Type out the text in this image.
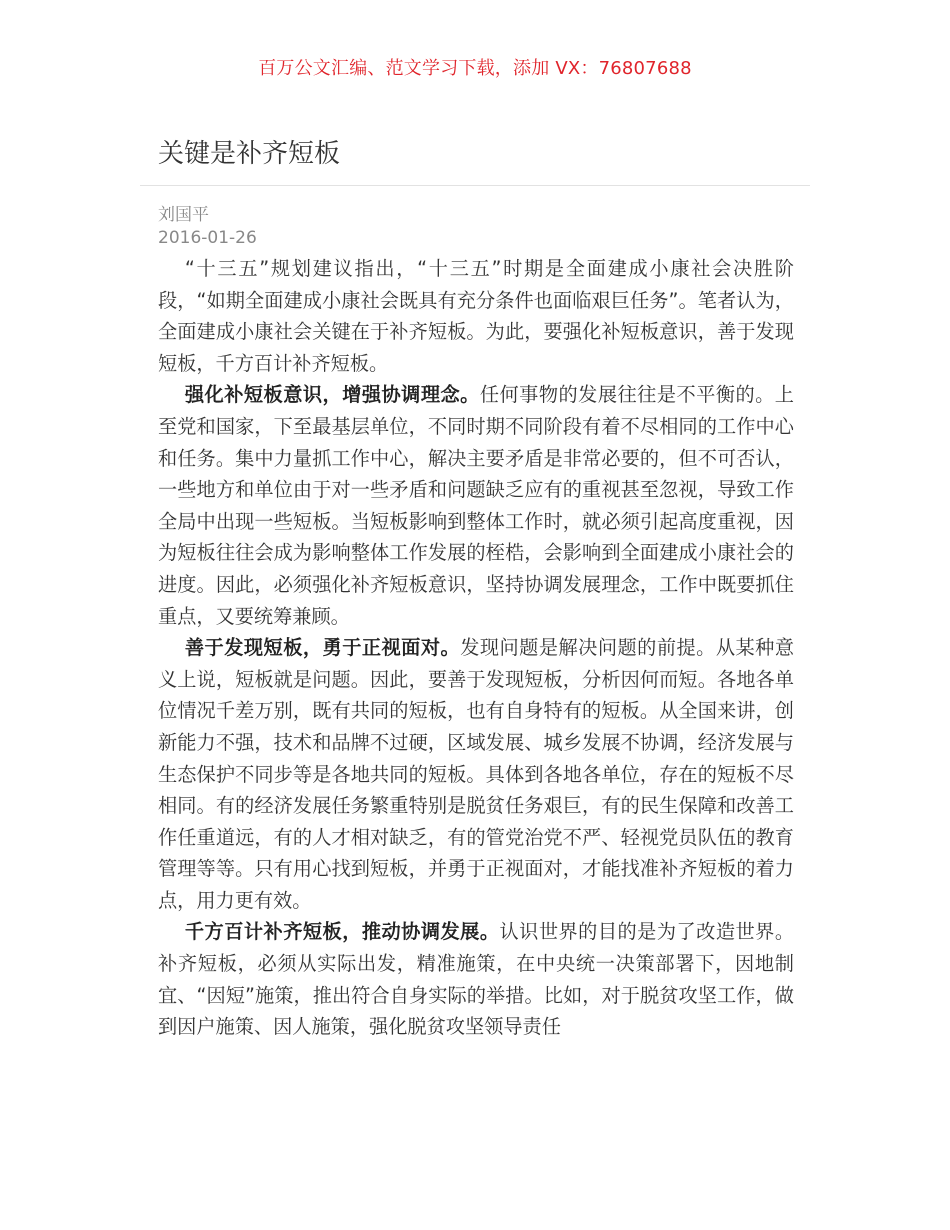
百万公文汇编、范文学习下载，添加 VX：76807688
关键是补齐短板
刘国平
2016-01-26

“十三五”规划建议指出，“十三五”时期是全面建成小康社会决胜阶段，“如期全面建成小康社会既具有充分条件也面临艰巨任务”。笔者认为，全面建成小康社会关键在于补齐短板。为此，要强化补短板意识，善于发现短板，千方百计补齐短板。

强化补短板意识，增强协调理念。任何事物的发展往往是不平衡的。上至党和国家，下至最基层单位，不同时期不同阶段有着不尽相同的工作中心和任务。集中力量抓工作中心，解决主要矛盾是非常必要的，但不可否认，一些地方和单位由于对一些矛盾和问题缺乏应有的重视甚至忽视，导致工作全局中出现一些短板。当短板影响到整体工作时，就必须引起高度重视，因为短板往往会成为影响整体工作发展的桎梏，会影响到全面建成小康社会的进度。因此，必须强化补齐短板意识，坚持协调发展理念，工作中既要抓住重点，又要统筹兼顾。

善于发现短板，勇于正视面对。发现问题是解决问题的前提。从某种意义上说，短板就是问题。因此，要善于发现短板，分析因何而短。各地各单位情况千差万别，既有共同的短板，也有自身特有的短板。从全国来讲，创新能力不强，技术和品牌不过硬，区域发展、城乡发展不协调，经济发展与生态保护不同步等是各地共同的短板。具体到各地各单位，存在的短板不尽相同。有的经济发展任务繁重特别是脱贫任务艰巨，有的民生保障和改善工作任重道远，有的人才相对缺乏，有的管党治党不严、轻视党员队伍的教育管理等等。只有用心找到短板，并勇于正视面对，才能找准补齐短板的着力点，用力更有效。

千方百计补齐短板，推动协调发展。认识世界的目的是为了改造世界。补齐短板，必须从实际出发，精准施策，在中央统一决策部署下，因地制宜、“因短”施策，推出符合自身实际的举措。比如，对于脱贫攻坚工作，做到因户施策、因人施策，强化脱贫攻坚领导责任
